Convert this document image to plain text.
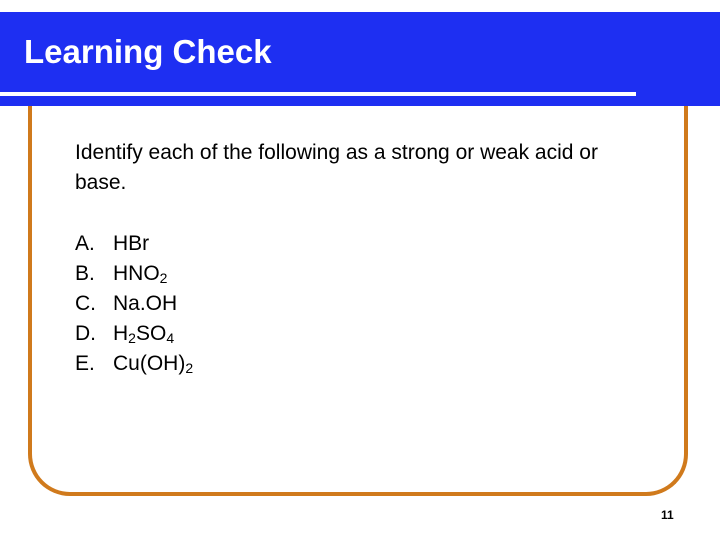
Learning Check

Identify each of the following as a strong or weak acid or base.

A. HBr
B. $HNO_2$
C. Na.OH
D. $H_2SO_4$
E. $Cu(OH)_2$
11
